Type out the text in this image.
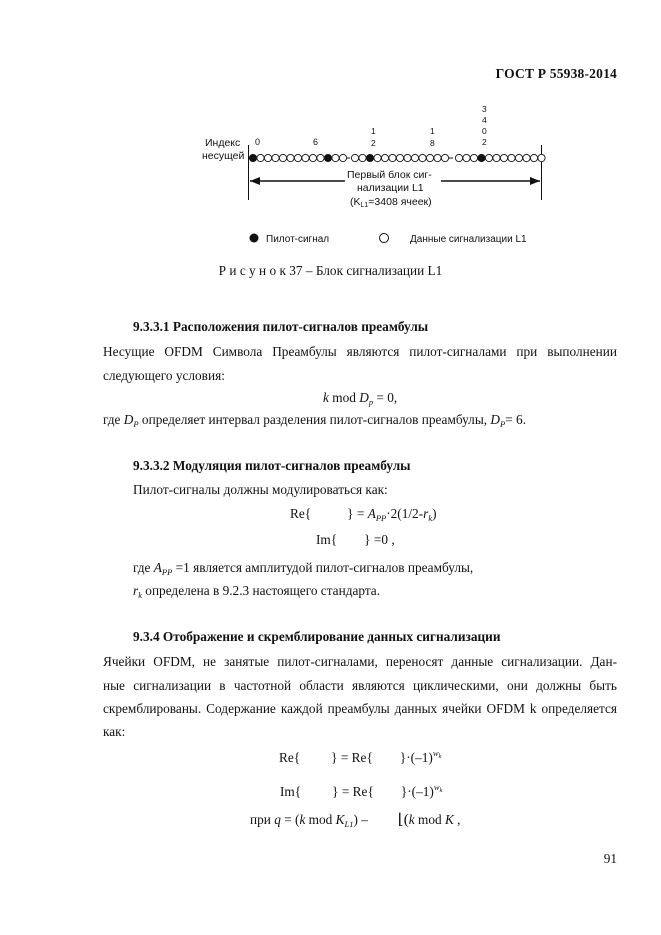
ГОСТ Р 55938-2014
Индекс
несущей
0	6
1
2
1
8
3
4
0
2
Первый блок сиг-
нализации L1
(KL1=3408 ячеек)
Пилот-сигнал	Данные сигнализации L1
Р и с у н о к 37 – Блок сигнализации L1
9.3.3.1 Расположения пилот-сигналов преамбулы
Несущие OFDM Символа Преамбулы являются пилот-сигналами при выполнении
следующего условия:
k mod $D_p = 0$,
где $D_P$ определяет интервал разделения пилот-сигналов преамбулы, $D_P= 6$.
9.3.3.2 Модуляция пилот-сигналов преамбулы
Пилот-сигналы должны модулироваться как:
Re{	} = $A_{PP}\cdot 2(1/2-r_k)$
Im{ } =0 ,
где $A_{PP} =1$ является амплитудой пилот-сигналов преамбулы,
$r_k$ определена в 9.2.3 настоящего стандарта.
9.3.4 Отображение и скремблирование данных сигнализации
Ячейки OFDM, не занятые пилот-сигналами, переносят данные сигнализации. Дан-
ные сигнализации в частотной области являются циклическими, они должны быть
скремблированы. Содержание каждой преамбулы данных ячейки OFDM k определяется
как:
Re{ } = Re{ }$\cdot(-1)^{w_k}$
Im{ } = Re{ }$\cdot(-1)^{w_k}$
при q = (k mod $K_{L1}$) – ⌊(k mod K ,
91
